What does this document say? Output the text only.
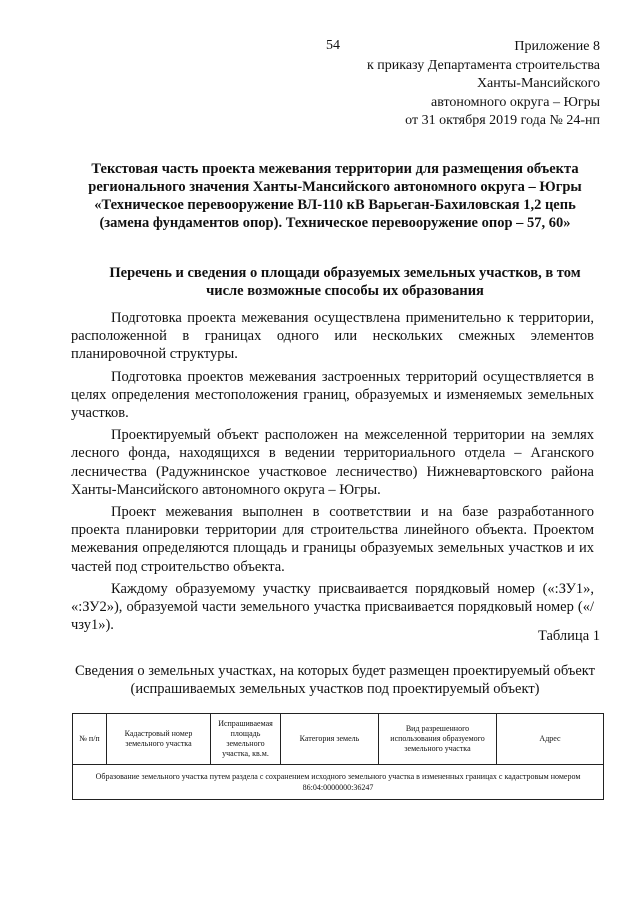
54	Приложение 8
к приказу Департамента строительства
Ханты-Мансийского
автономного округа – Югры
от 31 октября 2019 года № 24-нп
Текстовая часть проекта межевания территории для размещения объекта регионального значения Ханты-Мансийского автономного округа – Югры «Техническое перевооружение ВЛ-110 кВ Варьеган-Бахиловская 1,2 цепь (замена фундаментов опор). Техническое перевооружение опор – 57, 60»
Перечень и сведения о площади образуемых земельных участков, в том числе возможные способы их образования

Подготовка проекта межевания осуществлена применительно к территории, расположенной в границах одного или нескольких смежных элементов планировочной структуры.

Подготовка проектов межевания застроенных территорий осуществляется в целях определения местоположения границ, образуемых и изменяемых земельных участков.

Проектируемый объект расположен на межселенной территории на землях лесного фонда, находящихся в ведении территориального отдела – Аганского лесничества (Радужнинское участковое лесничество) Нижневартовского района Ханты-Мансийского автономного округа – Югры.

Проект межевания выполнен в соответствии и на базе разработанного проекта планировки территории для строительства линейного объекта. Проектом межевания определяются площадь и границы образуемых земельных участков и их частей под строительство объекта.

Каждому образуемому участку присваивается порядковый номер («:ЗУ1», «:ЗУ2»), образуемой части земельного участка присваивается порядковый номер («/чзу1»).

Таблица 1
Сведения о земельных участках, на которых будет размещен проектируемый объект (испрашиваемых земельных участков под проектируемый объект)
№ п/п	Кадастровый номер земельного участка	Испрашиваемая площадь земельного участка, кв.м.	Категория земель	Вид разрешенного использования образуемого земельного участка	Адрес
Образование земельного участка путем раздела с сохранением исходного земельного участка в измененных границах с кадастровым номером 86:04:0000000:36247
